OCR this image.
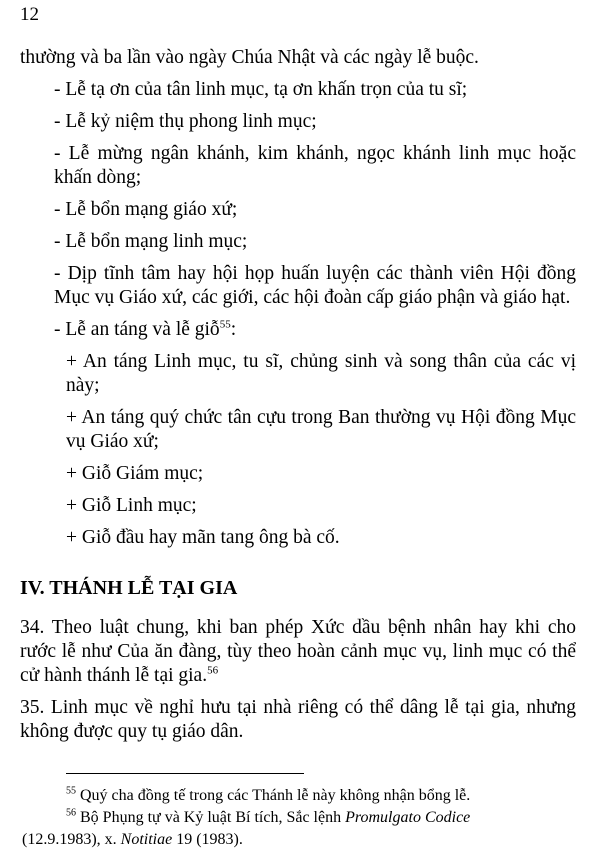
12

thường và ba lần vào ngày Chúa Nhật và các ngày lễ buộc.

- Lễ tạ ơn của tân linh mục, tạ ơn khấn trọn của tu sĩ;

- Lễ kỷ niệm thụ phong linh mục;

- Lễ mừng ngân khánh, kim khánh, ngọc khánh linh mục hoặc khấn dòng;

- Lễ bổn mạng giáo xứ;

- Lễ bổn mạng linh mục;

- Dịp tĩnh tâm hay hội họp huấn luyện các thành viên Hội đồng Mục vụ Giáo xứ, các giới, các hội đoàn cấp giáo phận và giáo hạt.

- Lễ an táng và lễ giỗ$^{55}$:

+ An táng Linh mục, tu sĩ, chủng sinh và song thân của các vị này;

+ An táng quý chức tân cựu trong Ban thường vụ Hội đồng Mục vụ Giáo xứ;

+ Giỗ Giám mục;

+ Giỗ Linh mục;

+ Giỗ đầu hay mãn tang ông bà cố.

IV. THÁNH LỄ TẠI GIA

34. Theo luật chung, khi ban phép Xức dầu bệnh nhân hay khi cho rước lễ như Của ăn đàng, tùy theo hoàn cảnh mục vụ, linh mục có thể cử hành thánh lễ tại gia.$^{56}$

35. Linh mục về nghỉ hưu tại nhà riêng có thể dâng lễ tại gia, nhưng không được quy tụ giáo dân.

$^{55}$ Quý cha đồng tế trong các Thánh lễ này không nhận bổng lễ.
$^{56}$ Bộ Phụng tự và Kỷ luật Bí tích, Sắc lệnh Promulgato Codice
(12.9.1983), x. Notitiae 19 (1983).
